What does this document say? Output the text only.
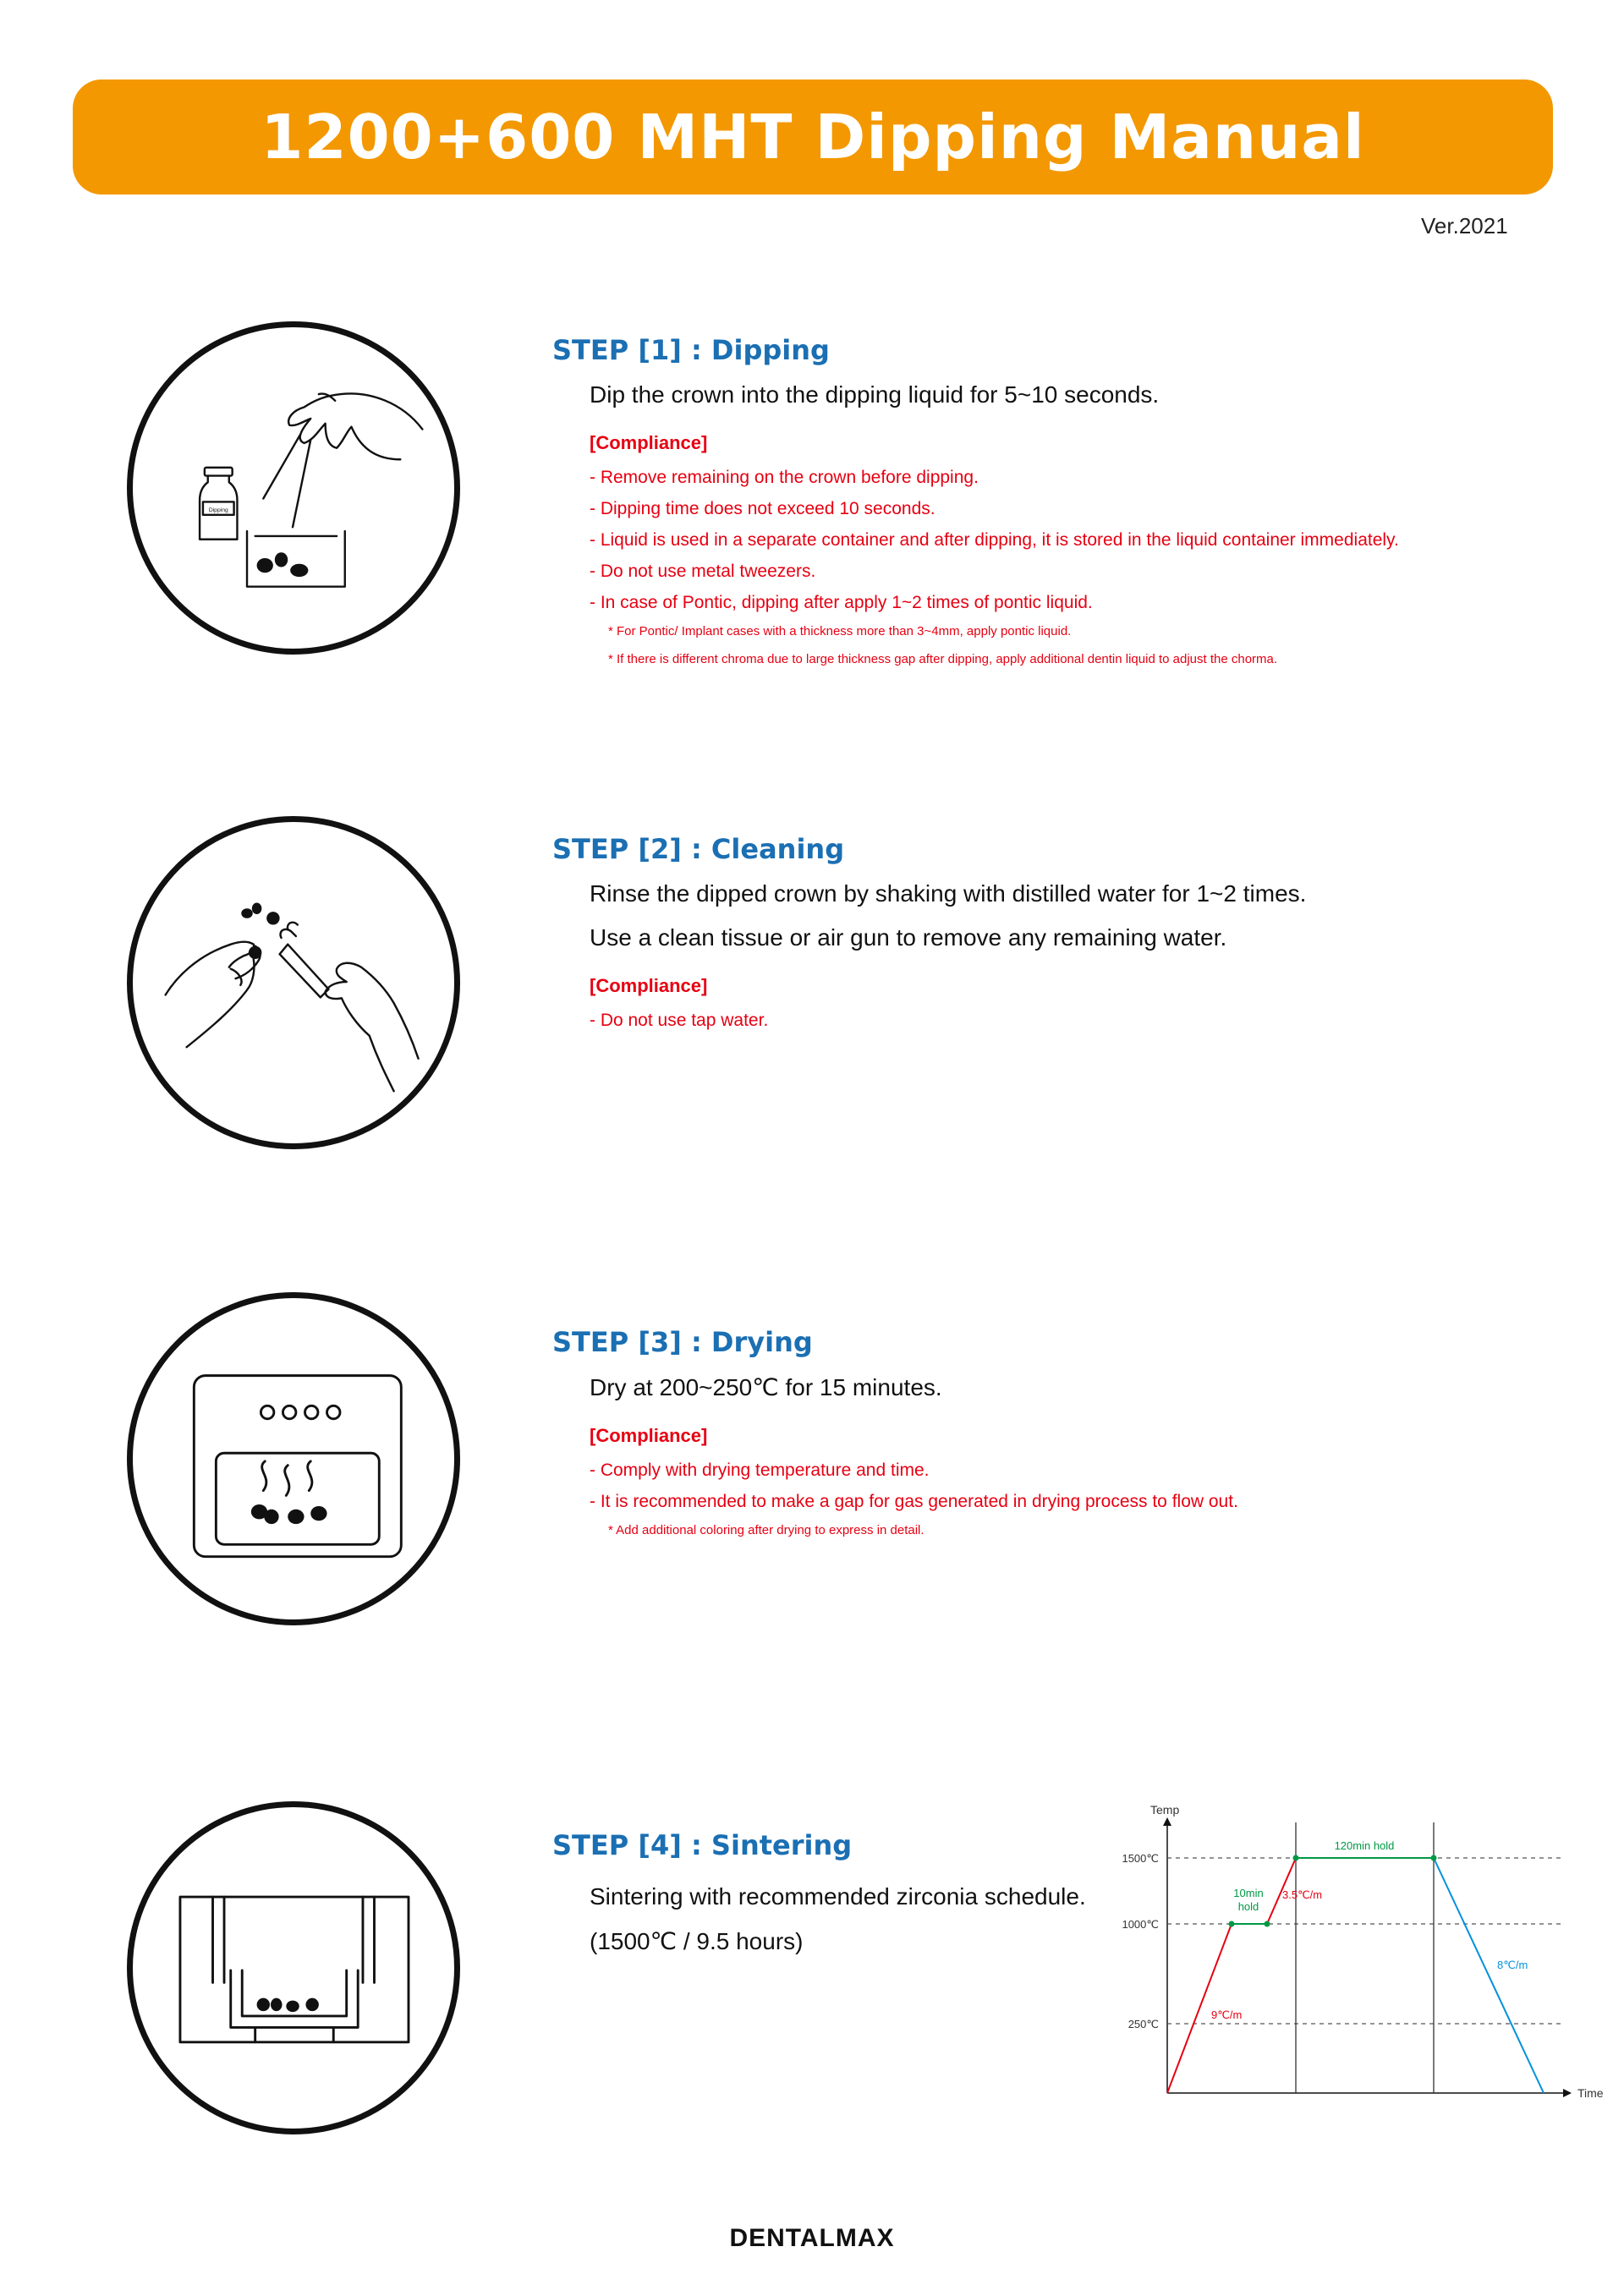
1200+600 MHT Dipping Manual
Ver.2021
Dipping
STEP [1] : Dipping

Dip the crown into the dipping liquid for 5~10 seconds.

[Compliance]
- Remove remaining on the crown before dipping.
- Dipping time does not exceed 10 seconds.
- Liquid is used in a separate container and after dipping, it is stored in the liquid container immediately.
- Do not use metal tweezers.
- In case of Pontic, dipping after apply 1~2 times of pontic liquid.
* For Pontic/ Implant cases with a thickness more than 3~4mm, apply pontic liquid.
* If there is different chroma due to large thickness gap after dipping, apply additional dentin liquid to adjust the chorma.
STEP [2] : Cleaning

Rinse the dipped crown by shaking with distilled water for 1~2 times.

Use a clean tissue or air gun to remove any remaining water.

[Compliance]
- Do not use tap water.
STEP [3] : Drying

Dry at 200~250℃ for 15 minutes.

[Compliance]
- Comply with drying temperature and time.
- It is recommended to make a gap for gas generated in drying process to flow out.
* Add additional coloring after drying to express in detail.
STEP [4] : Sintering

Sintering with recommended zirconia schedule.

(1500℃ / 9.5 hours)

Temp
Time
1500℃
1000℃
250℃
9℃/m
10min
hold
3.5℃/m
120min hold
8℃/m
DENTALMAX
